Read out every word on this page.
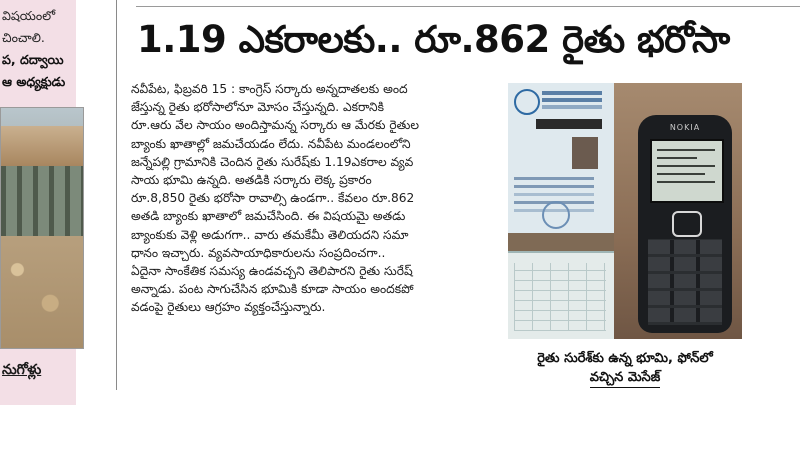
విషయంలో
చించాలి.
ప, దద్వాయి
ఆ అధ్యక్షుడు
నుగోళ్లు
1.19 ఎకరాలకు.. రూ.862 రైతు భరోసా

నవీపేట, ఫిబ్రవరి 15 : కాంగ్రెస్ సర్కారు అన్నదాతలకు అంద

జేస్తున్న రైతు భరోసాలోనూ మోసం చేస్తున్నది. ఎకరానికి

రూ.ఆరు వేల సాయం అందిస్తామన్న సర్కారు ఆ మేరకు రైతుల

బ్యాంకు ఖాతాల్లో జమచేయడం లేదు. నవీపేట మండలంలోని

జన్నేపల్లి గ్రామానికి చెందిన రైతు సురేష్‌కు 1.19ఎకరాల వ్యవ

సాయ భూమి ఉన్నది. అతడికి సర్కారు లెక్క ప్రకారం

రూ.8,850 రైతు భరోసా రావాల్సి ఉండగా.. కేవలం రూ.862

అతడి బ్యాంకు ఖాతాలో జమచేసింది. ఈ విషయమై అతడు

బ్యాంకుకు వెళ్లి అడుగగా.. వారు తమకేమీ తెలియదని సమా

ధానం ఇచ్చారు. వ్యవసాయాధికారులను సంప్రదించగా..

ఏదైనా సాంకేతిక సమస్య ఉండవచ్చని తెలిపారని రైతు సురేష్

అన్నాడు. పంట సాగుచేసిన భూమికి కూడా సాయం అందకపో

వడంపై రైతులు ఆగ్రహం వ్యక్తంచేస్తున్నారు.

NOKIA
రైతు సురేశ్‌కు ఉన్న భూమి, ఫోన్‌లో
వచ్చిన మెసేజ్
